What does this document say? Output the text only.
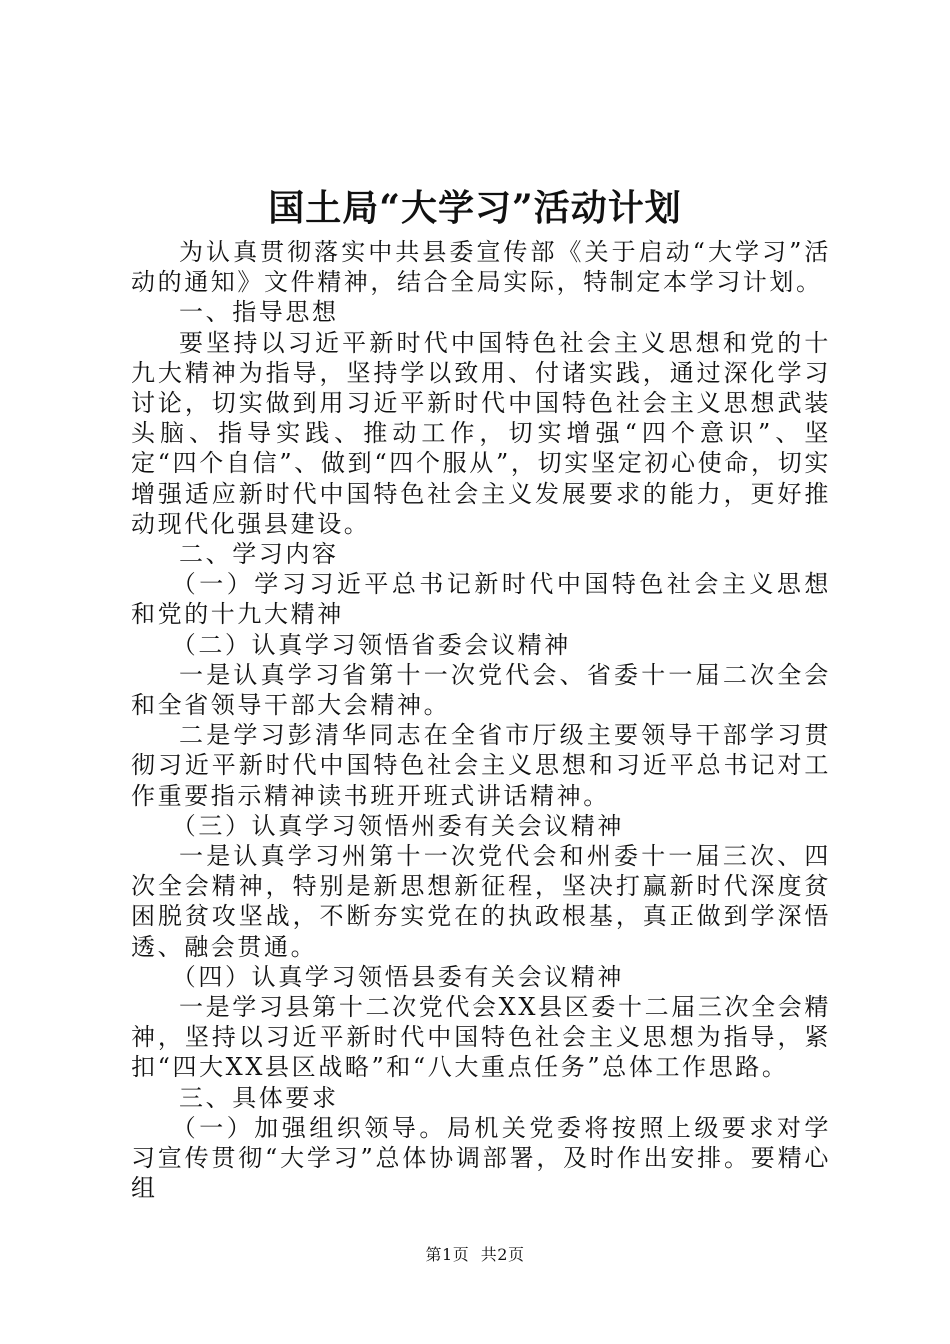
国土局“大学习”活动计划

为认真贯彻落实中共县委宣传部《关于启动“大学习”活动的通知》文件精神，结合全局实际，特制定本学习计划。

一、指导思想

要坚持以习近平新时代中国特色社会主义思想和党的十九大精神为指导，坚持学以致用、付诸实践，通过深化学习讨论，切实做到用习近平新时代中国特色社会主义思想武装头脑、指导实践、推动工作，切实增强“四个意识”、坚定“四个自信”、做到“四个服从”，切实坚定初心使命，切实增强适应新时代中国特色社会主义发展要求的能力，更好推动现代化强县建设。

二、学习内容

（一）学习习近平总书记新时代中国特色社会主义思想和党的十九大精神

（二）认真学习领悟省委会议精神

一是认真学习省第十一次党代会、省委十一届二次全会和全省领导干部大会精神。

二是学习彭清华同志在全省市厅级主要领导干部学习贯彻习近平新时代中国特色社会主义思想和习近平总书记对工作重要指示精神读书班开班式讲话精神。

（三）认真学习领悟州委有关会议精神

一是认真学习州第十一次党代会和州委十一届三次、四次全会精神，特别是新思想新征程，坚决打赢新时代深度贫困脱贫攻坚战，不断夯实党在的执政根基，真正做到学深悟透、融会贯通。

（四）认真学习领悟县委有关会议精神

一是学习县第十二次党代会XX县区委十二届三次全会精神，坚持以习近平新时代中国特色社会主义思想为指导，紧扣“四大XX县区战略”和“八大重点任务”总体工作思路。

三、具体要求

（一）加强组织领导。局机关党委将按照上级要求对学习宣传贯彻“大学习”总体协调部署，及时作出安排。要精心组

第1页 共2页
